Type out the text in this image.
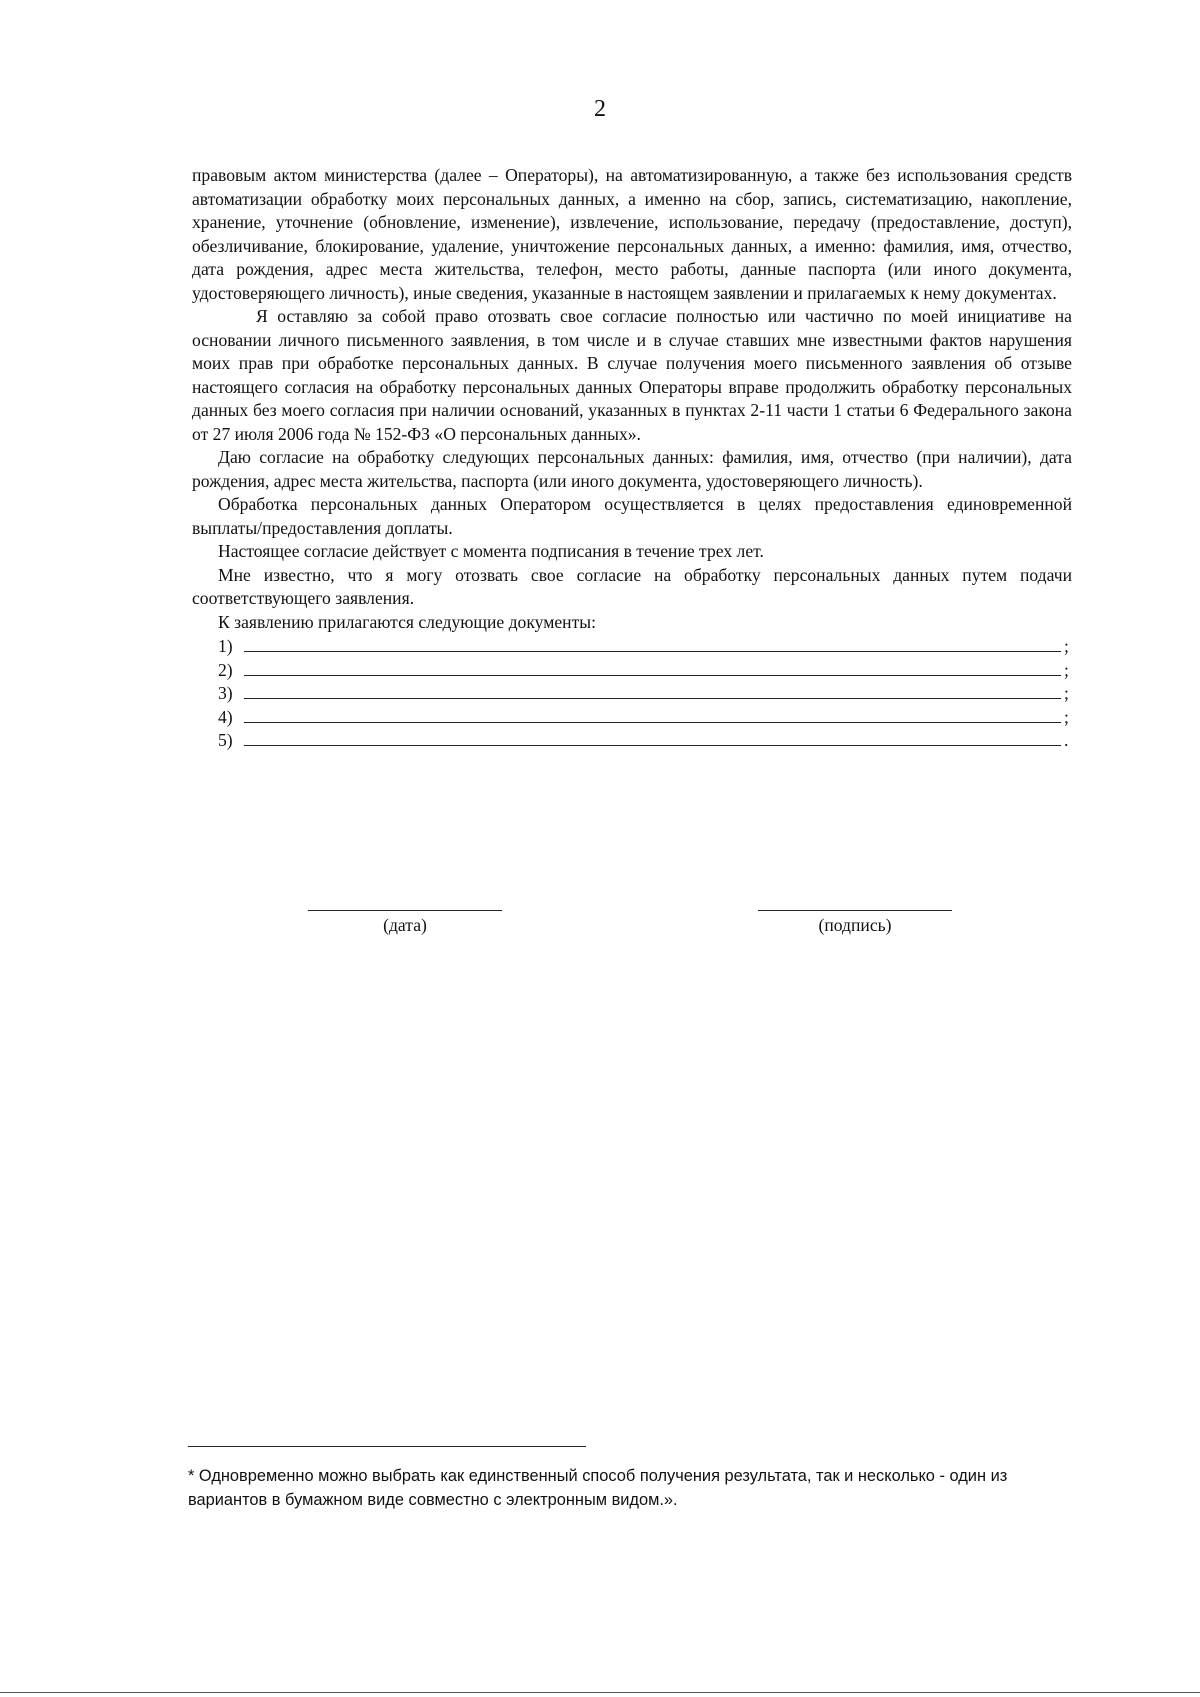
2

правовым актом министерства (далее – Операторы), на автоматизированную, а также без использования средств автоматизации обработку моих персональных данных, а именно на сбор, запись, систематизацию, накопление, хранение, уточнение (обновление, изменение), извлечение, использование, передачу (предоставление, доступ), обезличивание, блокирование, удаление, уничтожение персональных данных, а именно: фамилия, имя, отчество, дата рождения, адрес места жительства, телефон, место работы, данные паспорта (или иного документа, удостоверяющего личность), иные сведения, указанные в настоящем заявлении и прилагаемых к нему документах.

Я оставляю за собой право отозвать свое согласие полностью или частично по моей инициативе на основании личного письменного заявления, в том числе и в случае ставших мне известными фактов нарушения моих прав при обработке персональных данных. В случае получения моего письменного заявления об отзыве настоящего согласия на обработку персональных данных Операторы вправе продолжить обработку персональных данных без моего согласия при наличии оснований, указанных в пунктах 2-11 части 1 статьи 6 Федерального закона от 27 июля 2006 года № 152-ФЗ «О персональных данных».

Даю согласие на обработку следующих персональных данных: фамилия, имя, отчество (при наличии), дата рождения, адрес места жительства, паспорта (или иного документа, удостоверяющего личность).

Обработка персональных данных Оператором осуществляется в целях предоставления единовременной выплаты/предоставления доплаты.

Настоящее согласие действует с момента подписания в течение трех лет.

Мне известно, что я могу отозвать свое согласие на обработку персональных данных путем подачи соответствующего заявления.

К заявлению прилагаются следующие документы:

1)	;
2)	;
3)	;
4)	;
5)	.
(дата)	(подпись)
* Одновременно можно выбрать как единственный способ получения результата, так и несколько - один из вариантов в бумажном виде совместно с электронным видом.».
